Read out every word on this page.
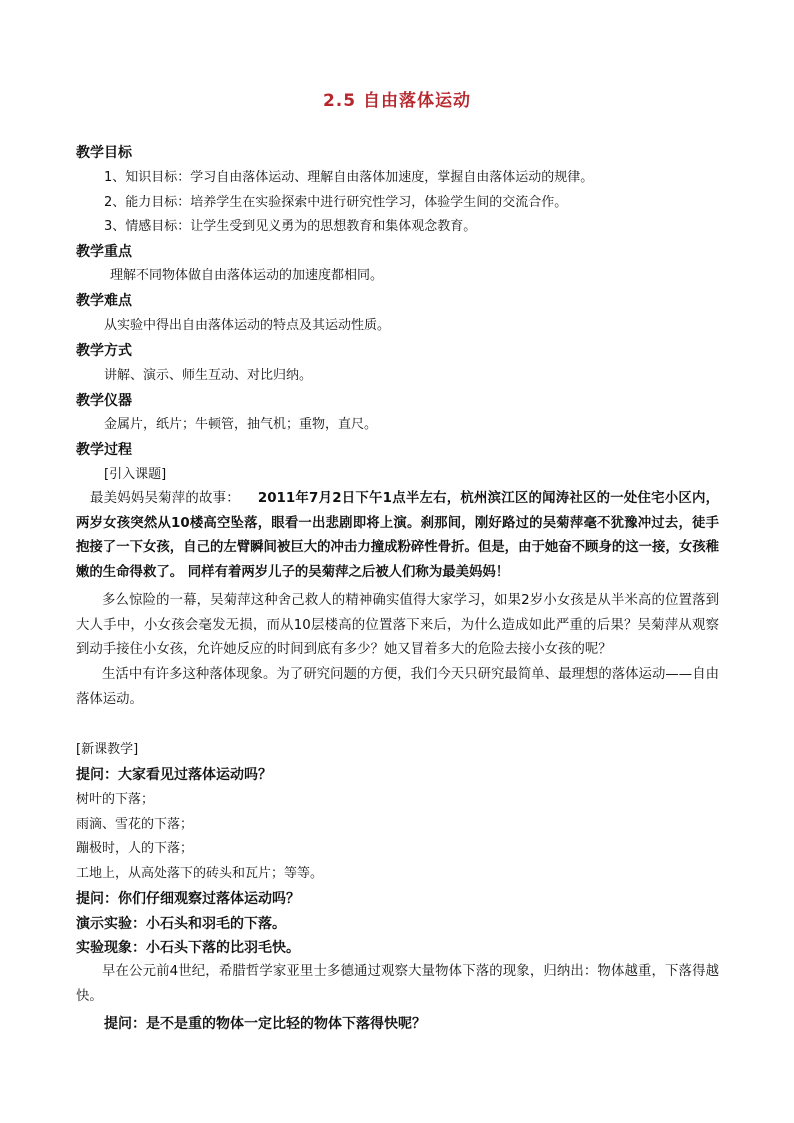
2.5 自由落体运动
教学目标
1、知识目标：学习自由落体运动、理解自由落体加速度，掌握自由落体运动的规律。
2、能力目标：培养学生在实验探索中进行研究性学习，体验学生间的交流合作。
3、情感目标：让学生受到见义勇为的思想教育和集体观念教育。
教学重点
理解不同物体做自由落体运动的加速度都相同。
教学难点
从实验中得出自由落体运动的特点及其运动性质。
教学方式
讲解、演示、师生互动、对比归纳。
教学仪器
金属片，纸片；牛顿管，抽气机；重物，直尺。
教学过程
[引入课题]
最美妈妈吴菊萍的故事： 2011年7月2日下午1点半左右，杭州滨江区的闻涛社区的一处住宅小区内，两岁女孩突然从10楼高空坠落，眼看一出悲剧即将上演。刹那间，刚好路过的吴菊萍毫不犹豫冲过去，徒手抱接了一下女孩，自己的左臂瞬间被巨大的冲击力撞成粉碎性骨折。但是，由于她奋不顾身的这一接，女孩稚嫩的生命得救了。 同样有着两岁儿子的吴菊萍之后被人们称为最美妈妈！
多么惊险的一幕，吴菊萍这种舍己救人的精神确实值得大家学习，如果2岁小女孩是从半米高的位置落到大人手中，小女孩会毫发无损，而从10层楼高的位置落下来后，为什么造成如此严重的后果？吴菊萍从观察到动手接住小女孩，允许她反应的时间到底有多少？她又冒着多大的危险去接小女孩的呢？
生活中有许多这种落体现象。为了研究问题的方便，我们今天只研究最简单、最理想的落体运动——自由落体运动。
[新课教学]
提问：大家看见过落体运动吗？
树叶的下落；
雨滴、雪花的下落；
蹦极时，人的下落；
工地上，从高处落下的砖头和瓦片；等等。
提问：你们仔细观察过落体运动吗？
演示实验：小石头和羽毛的下落。
实验现象：小石头下落的比羽毛快。
早在公元前4世纪，希腊哲学家亚里士多德通过观察大量物体下落的现象，归纳出：物体越重，下落得越快。
提问：是不是重的物体一定比轻的物体下落得快呢？
